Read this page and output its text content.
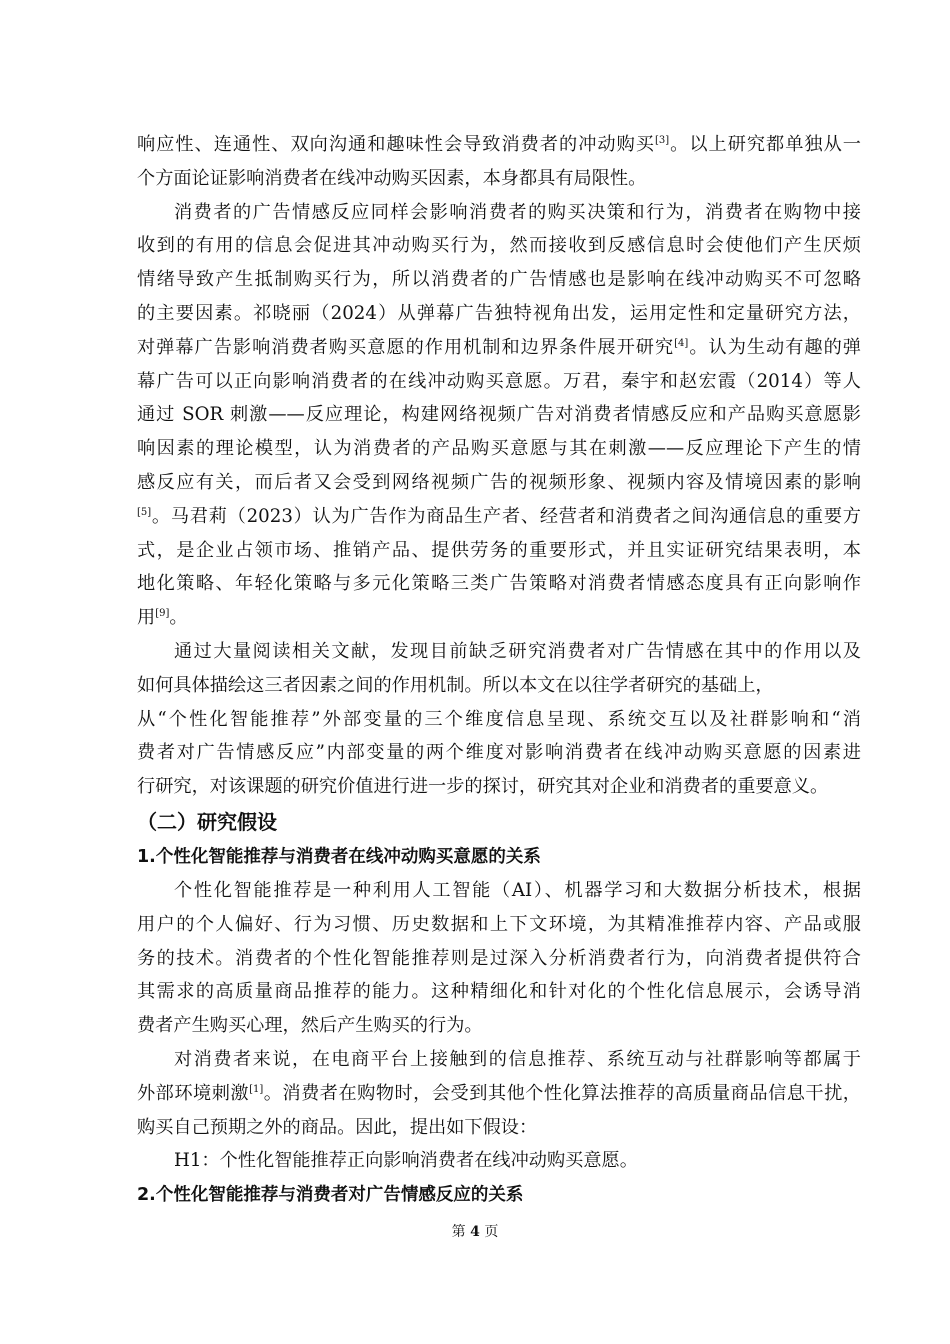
响应性、连通性、双向沟通和趣味性会导致消费者的冲动购买[3]。以上研究都单独从一

个方面论证影响消费者在线冲动购买因素，本身都具有局限性。

消费者的广告情感反应同样会影响消费者的购买决策和行为，消费者在购物中接

收到的有用的信息会促进其冲动购买行为，然而接收到反感信息时会使他们产生厌烦

情绪导致产生抵制购买行为，所以消费者的广告情感也是影响在线冲动购买不可忽略

的主要因素。祁晓丽（2024）从弹幕广告独特视角出发，运用定性和定量研究方法，

对弹幕广告影响消费者购买意愿的作用机制和边界条件展开研究[4]。认为生动有趣的弹

幕广告可以正向影响消费者的在线冲动购买意愿。万君，秦宇和赵宏霞（2014）等人

通过 SOR 刺激——反应理论，构建网络视频广告对消费者情感反应和产品购买意愿影

响因素的理论模型，认为消费者的产品购买意愿与其在刺激——反应理论下产生的情

感反应有关，而后者又会受到网络视频广告的视频形象、视频内容及情境因素的影响

[5]。马君莉（2023）认为广告作为商品生产者、经营者和消费者之间沟通信息的重要方

式，是企业占领市场、推销产品、提供劳务的重要形式，并且实证研究结果表明，本

地化策略、年轻化策略与多元化策略三类广告策略对消费者情感态度具有正向影响作

用[9]。

通过大量阅读相关文献，发现目前缺乏研究消费者对广告情感在其中的作用以及

如何具体描绘这三者因素之间的作用机制。所以本文在以往学者研究的基础上，

从“个性化智能推荐”外部变量的三个维度信息呈现、系统交互以及社群影响和“消

费者对广告情感反应”内部变量的两个维度对影响消费者在线冲动购买意愿的因素进

行研究，对该课题的研究价值进行进一步的探讨，研究其对企业和消费者的重要意义。

（二）研究假设
1.个性化智能推荐与消费者在线冲动购买意愿的关系

个性化智能推荐是一种利用人工智能（AI）、机器学习和大数据分析技术，根据

用户的个人偏好、行为习惯、历史数据和上下文环境，为其精准推荐内容、产品或服

务的技术。消费者的个性化智能推荐则是过深入分析消费者行为，向消费者提供符合

其需求的高质量商品推荐的能力。这种精细化和针对化的个性化信息展示，会诱导消

费者产生购买心理，然后产生购买的行为。

对消费者来说，在电商平台上接触到的信息推荐、系统互动与社群影响等都属于

外部环境刺激[1]。消费者在购物时，会受到其他个性化算法推荐的高质量商品信息干扰，

购买自己预期之外的商品。因此，提出如下假设：

H1：个性化智能推荐正向影响消费者在线冲动购买意愿。

2.个性化智能推荐与消费者对广告情感反应的关系
第 4 页
